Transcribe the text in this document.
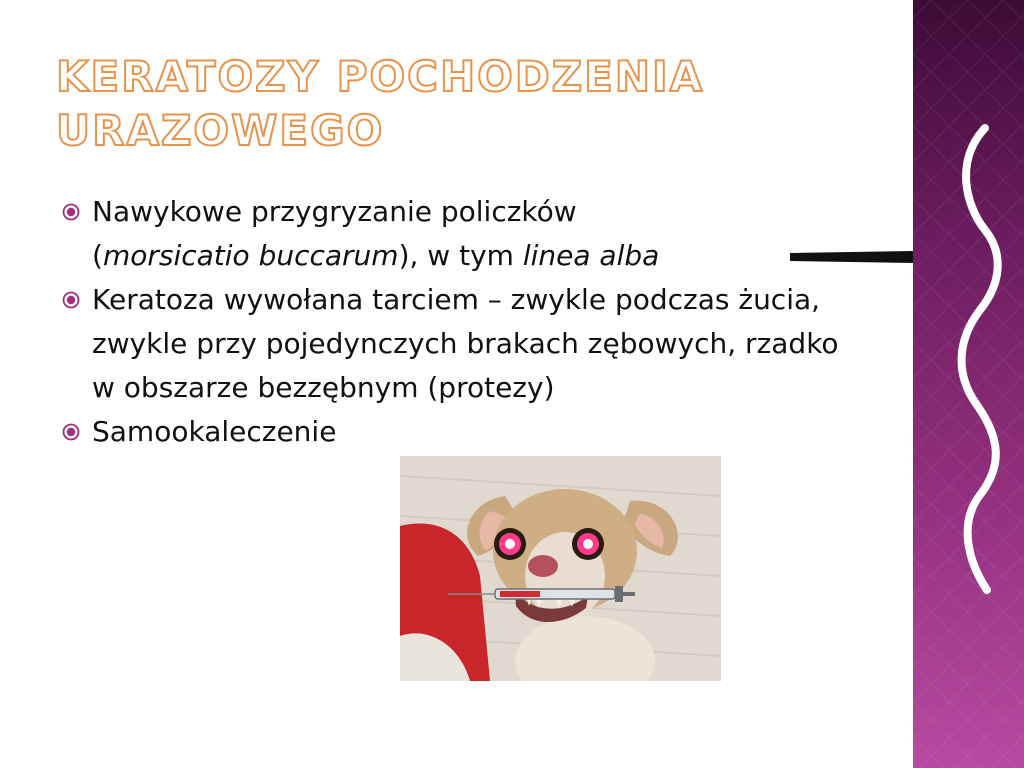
KERATOZY POCHODZENIA
URAZOWEGO
Nawykowe przygryzanie policzków
(morsicatio buccarum), w tym linea alba
Keratoza wywołana tarciem – zwykle podczas żucia, zwykle przy pojedynczych brakach zębowych, rzadko w obszarze bezzębnym (protezy)
Samookaleczenie
